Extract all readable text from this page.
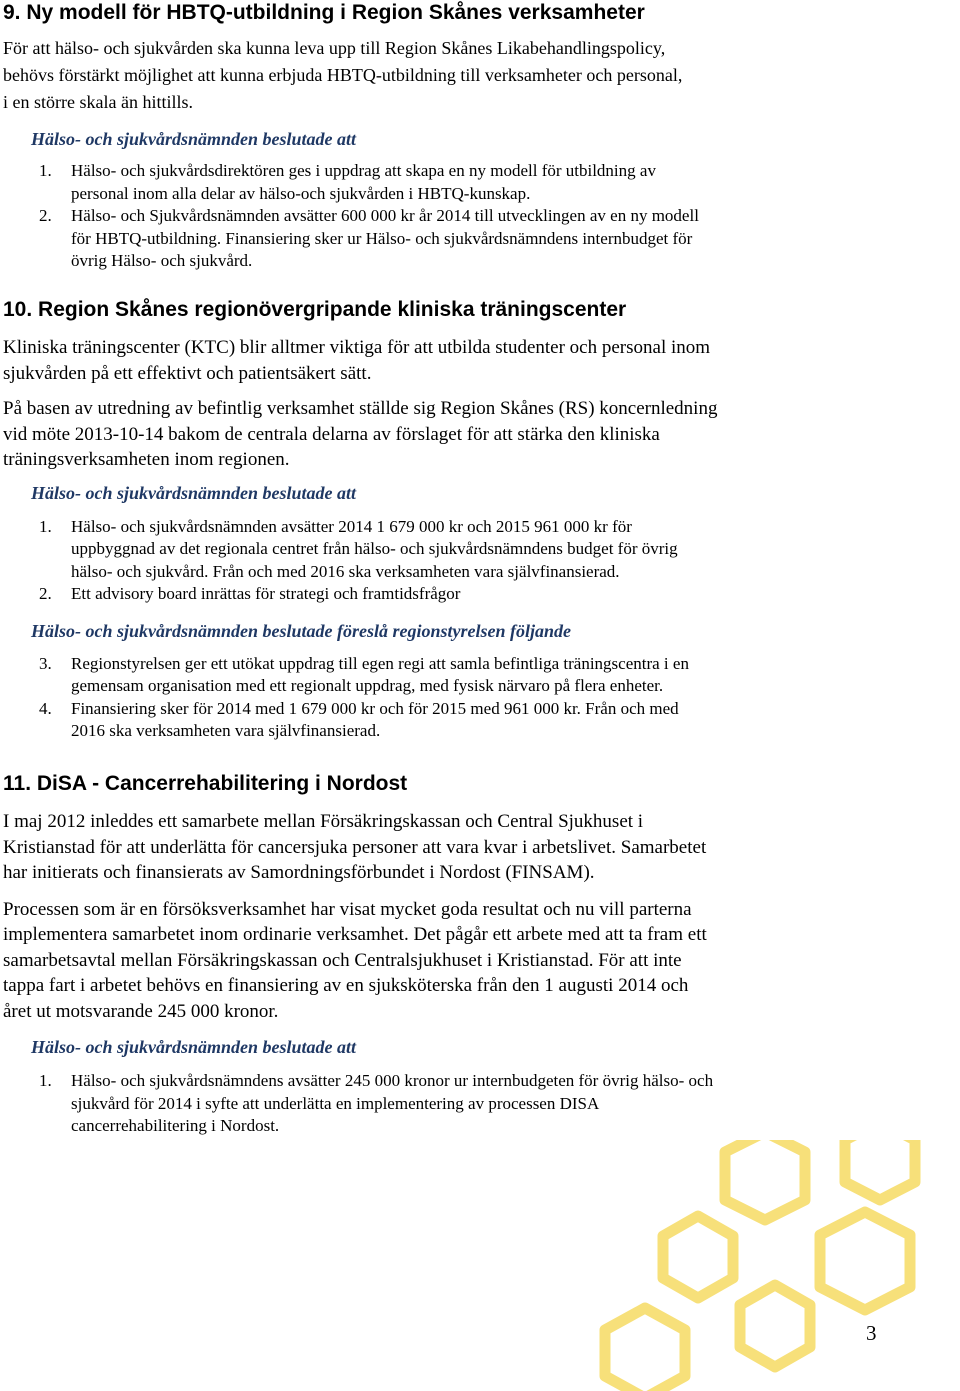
9. Ny modell för HBTQ-utbildning i Region Skånes verksamheter

För att hälso- och sjukvården ska kunna leva upp till Region Skånes Likabehandlingspolicy,
behövs förstärkt möjlighet att kunna erbjuda HBTQ-utbildning till verksamheter och personal,
i en större skala än hittills.

Hälso- och sjukvårdsnämnden beslutade att

1. Hälso- och sjukvårdsdirektören ges i uppdrag att skapa en ny modell för utbildning av
personal inom alla delar av hälso-och sjukvården i HBTQ-kunskap.
2. Hälso- och Sjukvårdsnämnden avsätter 600 000 kr år 2014 till utvecklingen av en ny modell
för HBTQ-utbildning. Finansiering sker ur Hälso- och sjukvårdsnämndens internbudget för
övrig Hälso- och sjukvård.
10. Region Skånes regionövergripande kliniska träningscenter

Kliniska träningscenter (KTC) blir alltmer viktiga för att utbilda studenter och personal inom
sjukvården på ett effektivt och patientsäkert sätt.

På basen av utredning av befintlig verksamhet ställde sig Region Skånes (RS) koncernledning
vid möte 2013-10-14 bakom de centrala delarna av förslaget för att stärka den kliniska
träningsverksamheten inom regionen.

Hälso- och sjukvårdsnämnden beslutade att

1. Hälso- och sjukvårdsnämnden avsätter 2014 1 679 000 kr och 2015 961 000 kr för
uppbyggnad av det regionala centret från hälso- och sjukvårdsnämndens budget för övrig
hälso- och sjukvård. Från och med 2016 ska verksamheten vara självfinansierad.
2. Ett advisory board inrättas för strategi och framtidsfrågor

Hälso- och sjukvårdsnämnden beslutade föreslå regionstyrelsen följande

3. Regionstyrelsen ger ett utökat uppdrag till egen regi att samla befintliga träningscentra i en
gemensam organisation med ett regionalt uppdrag, med fysisk närvaro på flera enheter.
4. Finansiering sker för 2014 med 1 679 000 kr och för 2015 med 961 000 kr. Från och med
2016 ska verksamheten vara självfinansierad.
11. DiSA - Cancerrehabilitering i Nordost

I maj 2012 inleddes ett samarbete mellan Försäkringskassan och Central Sjukhuset i
Kristianstad för att underlätta för cancersjuka personer att vara kvar i arbetslivet. Samarbetet
har initierats och finansierats av Samordningsförbundet i Nordost (FINSAM).

Processen som är en försöksverksamhet har visat mycket goda resultat och nu vill parterna
implementera samarbetet inom ordinarie verksamhet. Det pågår ett arbete med att ta fram ett
samarbetsavtal mellan Försäkringskassan och Centralsjukhuset i Kristianstad. För att inte
tappa fart i arbetet behövs en finansiering av en sjuksköterska från den 1 augusti 2014 och
året ut motsvarande 245 000 kronor.

Hälso- och sjukvårdsnämnden beslutade att

1. Hälso- och sjukvårdsnämndens avsätter 245 000 kronor ur internbudgeten för övrig hälso- och
sjukvård för 2014 i syfte att underlätta en implementering av processen DISA
cancerrehabilitering i Nordost.
3
